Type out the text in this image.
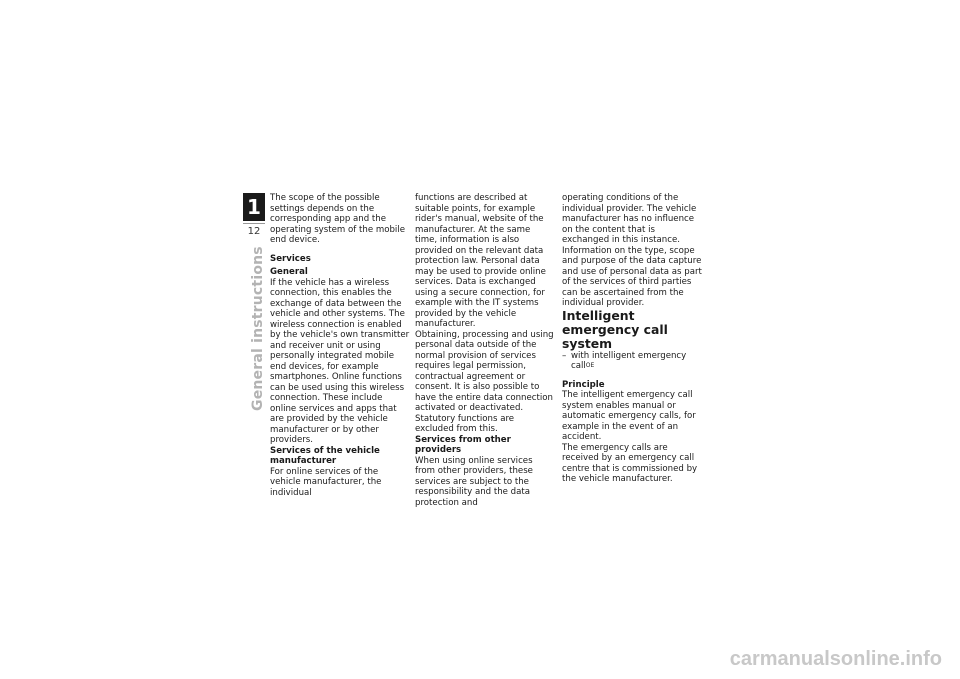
1
12
General instructions

The scope of the possible settings depends on the corresponding app and the operating system of the mobile end device.

Services

General

If the vehicle has a wireless connection, this enables the exchange of data between the vehicle and other systems. The wireless connection is enabled by the vehicle's own transmitter and receiver unit or using personally integrated mobile end devices, for example smartphones. Online functions can be used using this wireless connection. These include online services and apps that are provided by the vehicle manufacturer or by other providers.

Services of the vehicle manufacturer

For online services of the vehicle manufacturer, the individual

functions are described at suitable points, for example rider's manual, website of the manufacturer. At the same time, information is also provided on the relevant data protection law. Personal data may be used to provide online services. Data is exchanged using a secure connection, for example with the IT systems provided by the vehicle manufacturer.

Obtaining, processing and using personal data outside of the normal provision of services requires legal permission, contractual agreement or consent. It is also possible to have the entire data connection activated or deactivated. Statutory functions are excluded from this.

Services from other providers

When using online services from other providers, these services are subject to the responsibility and the data protection and

operating conditions of the individual provider. The vehicle manufacturer has no influence on the content that is exchanged in this instance. Information on the type, scope and purpose of the data capture and use of personal data as part of the services of third parties can be ascertained from the individual provider.

Intelligent emergency call system

– with intelligent emergency call$^{OE}$

Principle

The intelligent emergency call system enables manual or automatic emergency calls, for example in the event of an accident.

The emergency calls are received by an emergency call centre that is commissioned by the vehicle manufacturer.

carmanualsonline.info
